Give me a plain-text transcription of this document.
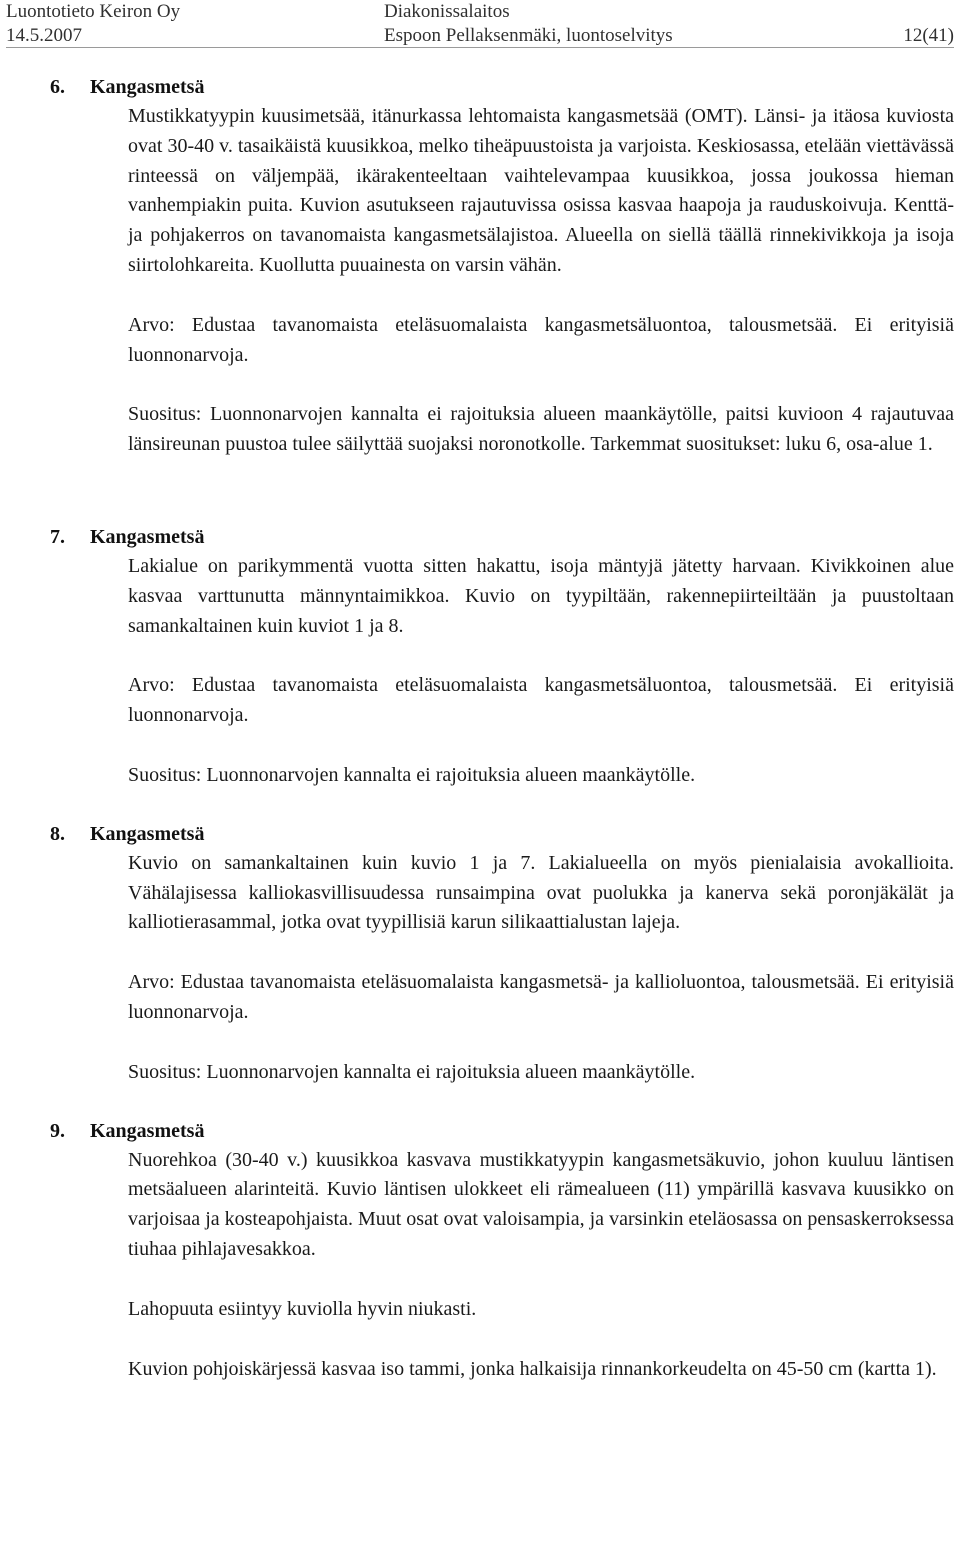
Luontotieto Keiron Oy
14.5.2007
Diakonissalaitos
Espoon Pellaksenmäki, luontoselvitys
	12(41)
6. Kangasmetsä

Mustikkatyypin kuusimetsää, itänurkassa lehtomaista kangasmetsää (OMT). Länsi- ja itäosa kuviosta ovat 30-40 v. tasaikäistä kuusikkoa, melko tiheäpuustoista ja varjoista. Keskiosassa, etelään viettävässä rinteessä on väljempää, ikärakenteeltaan vaihtelevampaa kuusikkoa, jossa joukossa hieman vanhempiakin puita. Kuvion asutukseen rajautuvissa osissa kasvaa haapoja ja rauduskoivuja. Kenttä- ja pohjakerros on tavanomaista kangasmetsälajistoa. Alueella on siellä täällä rinnekivikkoja ja isoja siirtolohkareita. Kuollutta puuainesta on varsin vähän.

Arvo: Edustaa tavanomaista eteläsuomalaista kangasmetsäluontoa, talousmetsää. Ei erityisiä luonnonarvoja.

Suositus: Luonnonarvojen kannalta ei rajoituksia alueen maankäytölle, paitsi kuvioon 4 rajautuvaa länsireunan puustoa tulee säilyttää suojaksi noronotkolle. Tarkemmat suositukset: luku 6, osa-alue 1.

7. Kangasmetsä

Lakialue on parikymmentä vuotta sitten hakattu, isoja mäntyjä jätetty harvaan. Kivikkoinen alue kasvaa varttunutta männyntaimikkoa. Kuvio on tyypiltään, rakennepiirteiltään ja puustoltaan samankaltainen kuin kuviot 1 ja 8.

Arvo: Edustaa tavanomaista eteläsuomalaista kangasmetsäluontoa, talousmetsää. Ei erityisiä luonnonarvoja.

Suositus: Luonnonarvojen kannalta ei rajoituksia alueen maankäytölle.

8. Kangasmetsä

Kuvio on samankaltainen kuin kuvio 1 ja 7. Lakialueella on myös pienialaisia avokallioita. Vähälajisessa kalliokasvillisuudessa runsaimpina ovat puolukka ja kanerva sekä poronjäkälät ja kalliotierasammal, jotka ovat tyypillisiä karun silikaattialustan lajeja.

Arvo: Edustaa tavanomaista eteläsuomalaista kangasmetsä- ja kallioluontoa, talousmetsää. Ei erityisiä luonnonarvoja.

Suositus: Luonnonarvojen kannalta ei rajoituksia alueen maankäytölle.

9. Kangasmetsä

Nuorehkoa (30-40 v.) kuusikkoa kasvava mustikkatyypin kangasmetsäkuvio, johon kuuluu läntisen metsäalueen alarinteitä. Kuvio läntisen ulokkeet eli rämealueen (11) ympärillä kasvava kuusikko on varjoisaa ja kosteapohjaista. Muut osat ovat valoisampia, ja varsinkin eteläosassa on pensaskerroksessa tiuhaa pihlajavesakkoa.

Lahopuuta esiintyy kuviolla hyvin niukasti.

Kuvion pohjoiskärjessä kasvaa iso tammi, jonka halkaisija rinnankorkeudelta on 45-50 cm (kartta 1).
